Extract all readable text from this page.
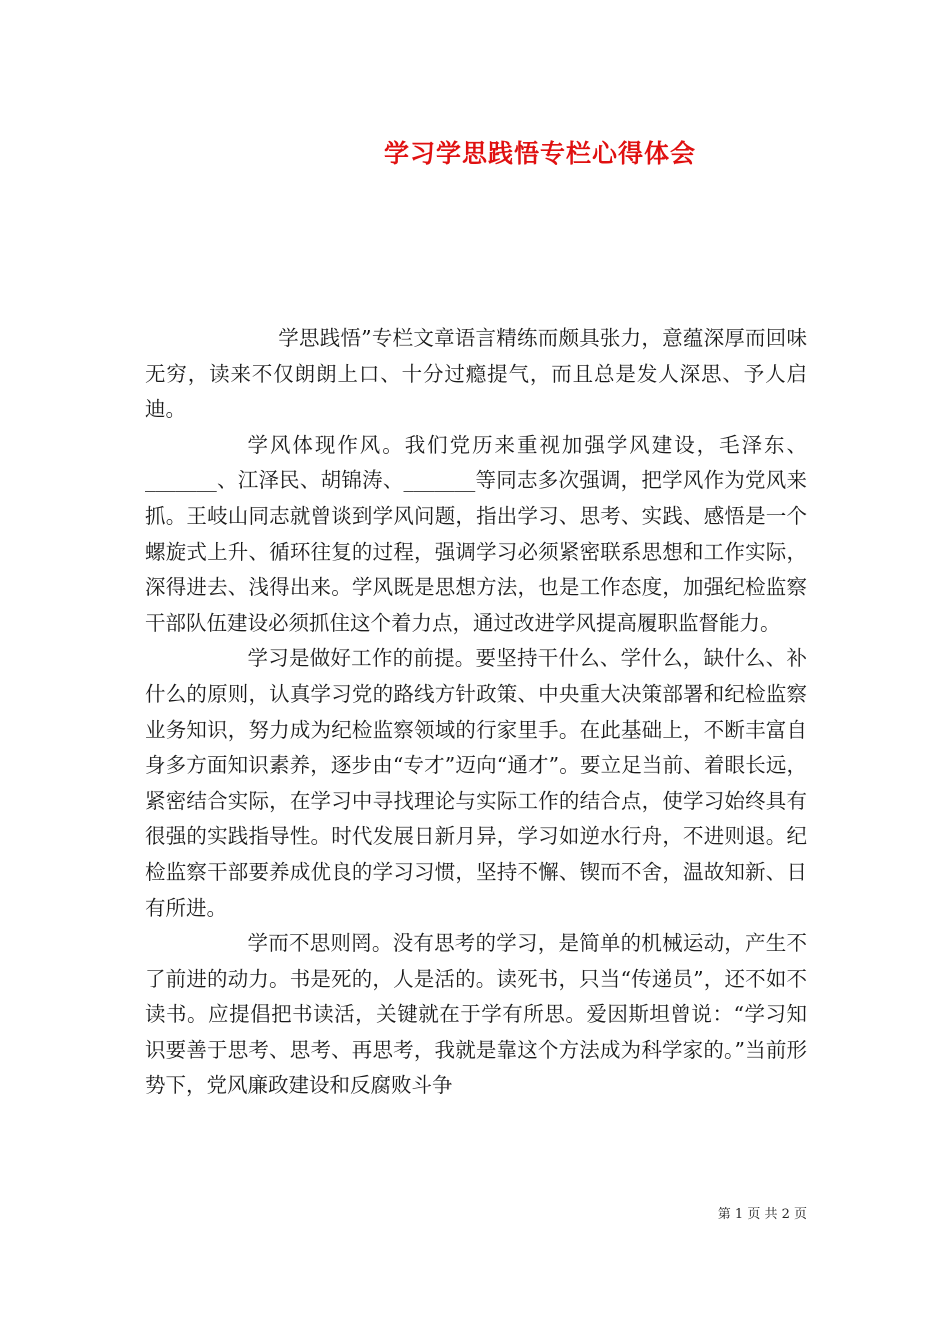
学习学思践悟专栏心得体会

学思践悟”专栏文章语言精练而颇具张力，意蕴深厚而回味无穷，读来不仅朗朗上口、十分过瘾提气，而且总是发人深思、予人启迪。

学风体现作风。我们党历来重视加强学风建设，毛泽东、_______、江泽民、胡锦涛、_______等同志多次强调，把学风作为党风来抓。王岐山同志就曾谈到学风问题，指出学习、思考、实践、感悟是一个螺旋式上升、循环往复的过程，强调学习必须紧密联系思想和工作实际，深得进去、浅得出来。学风既是思想方法，也是工作态度，加强纪检监察干部队伍建设必须抓住这个着力点，通过改进学风提高履职监督能力。

学习是做好工作的前提。要坚持干什么、学什么，缺什么、补什么的原则，认真学习党的路线方针政策、中央重大决策部署和纪检监察业务知识，努力成为纪检监察领域的行家里手。在此基础上，不断丰富自身多方面知识素养，逐步由“专才”迈向“通才”。要立足当前、着眼长远，紧密结合实际，在学习中寻找理论与实际工作的结合点，使学习始终具有很强的实践指导性。时代发展日新月异，学习如逆水行舟，不进则退。纪检监察干部要养成优良的学习习惯，坚持不懈、锲而不舍，温故知新、日有所进。

学而不思则罔。没有思考的学习，是简单的机械运动，产生不了前进的动力。书是死的，人是活的。读死书，只当“传递员”，还不如不读书。应提倡把书读活，关键就在于学有所思。爱因斯坦曾说：“学习知识要善于思考、思考、再思考，我就是靠这个方法成为科学家的。”当前形势下，党风廉政建设和反腐败斗争

第 1 页 共 2 页
